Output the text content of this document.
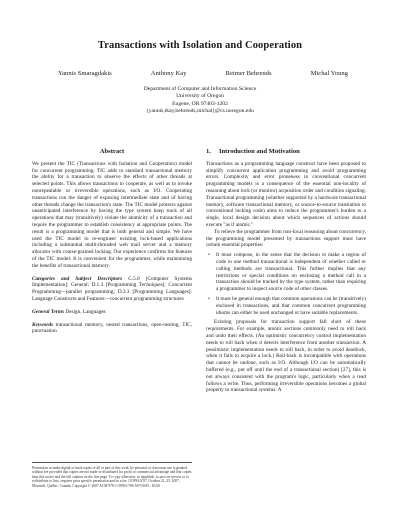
Transactions with Isolation and Cooperation
Yannis Smaragdakis	Anthony Kay	Reimer Behrends	Michal Young
Department of Computer and Information Science
University of Oregon
Eugene, OR 97403-1202
{yannis,tkay,behrends,michal}@cs.uoregon.edu
Abstract

We present the TIC (Transactions with Isolation and Cooperation) model for concurrent programming. TIC adds to standard transactional memory the ability for a transaction to observe the effects of other threads at selected points. This allows transactions to cooperate, as well as to invoke nonrepeatable or irreversible operations, such as I/O. Cooperating transactions run the danger of exposing intermediate state and of having other threads change the transaction's state. The TIC model protects against unanticipated interference by having the type system keep track of all operations that may (transitively) violate the atomicity of a transaction and require the programmer to establish consistency at appropriate points. The result is a programming model that is both general and simple. We have used the TIC model to re-engineer existing lock-based applications including a substantial multi-threaded web mail server and a memory allocator with coarse-grained locking. Our experience confirms the features of the TIC model: It is convenient for the programmer, while maintaining the benefits of transactional memory.

Categories and Subject Descriptors C.5.0 [Computer Systems Implementation]: General; D.1.3 [Programming Techniques]: Concurrent Programming—parallel programming; D.3.3 [Programming Languages]: Language Constructs and Features—concurrent programming structures

General Terms Design, Languages

Keywords transactional memory, nested transactions, open-nesting, TIC, punctuation

Permission to make digital or hard copies of all or part of this work for personal or classroom use is granted without fee provided that copies are not made or distributed for profit or commercial advantage and that copies bear this notice and the full citation on the first page. To copy otherwise, to republish, to post on servers or to redistribute to lists, requires prior specific permission and/or a fee. OOPSLA'07, October 21–25, 2007, Montréal, Québec, Canada. Copyright © 2007 ACM 978-1-59593-786-5/07/0010...$5.00
1. Introduction and Motivation

Transactions as a programming language construct have been proposed to simplify concurrent application programming and avoid programming errors. Complexity and error proneness in conventional concurrent programming models is a consequence of the essential non-locality of reasoning about lock (or monitor) acquisition order and condition signaling. Transactional programming (whether supported by a hardware transactional memory, software transactional memory, or source-to-source translation to conventional locking code) aims to reduce the programmer's burden to a single, local design decision about which sequences of actions should execute "as if atomic."

To relieve the programmer from non-local reasoning about concurrency, the programming model presented by transactions support must have certain essential properties:

• It must compose, in the sense that the decision to make a region of code in one method transactional is independent of whether called or calling methods are transactional. This further implies that any restrictions or special conditions on enclosing a method call in a transaction should be tracked by the type system, rather than requiring a programmer to inspect source code of other classes.
• It must be general enough that common operations can be (transitively) enclosed in transactions, and that common concurrent programming idioms can either be used unchanged or have suitable replacements.

Existing proposals for transaction support fall short of these requirements. For example, atomic sections commonly need to roll back and undo their effects. (An optimistic concurrency control implementation needs to roll back when it detects interference from another transaction. A pessimistic implementation needs to roll back, in order to avoid deadlock, when it fails to acquire a lock.) Roll-back is incompatible with operations that cannot be undone, such as I/O. Although I/O can be automatically buffered (e.g., put off until the end of a transactional section) [27], this is not always consistent with the program's logic, particularly when a read follows a write. Thus, performing irreversible operations becomes a global property in transactional systems: A
